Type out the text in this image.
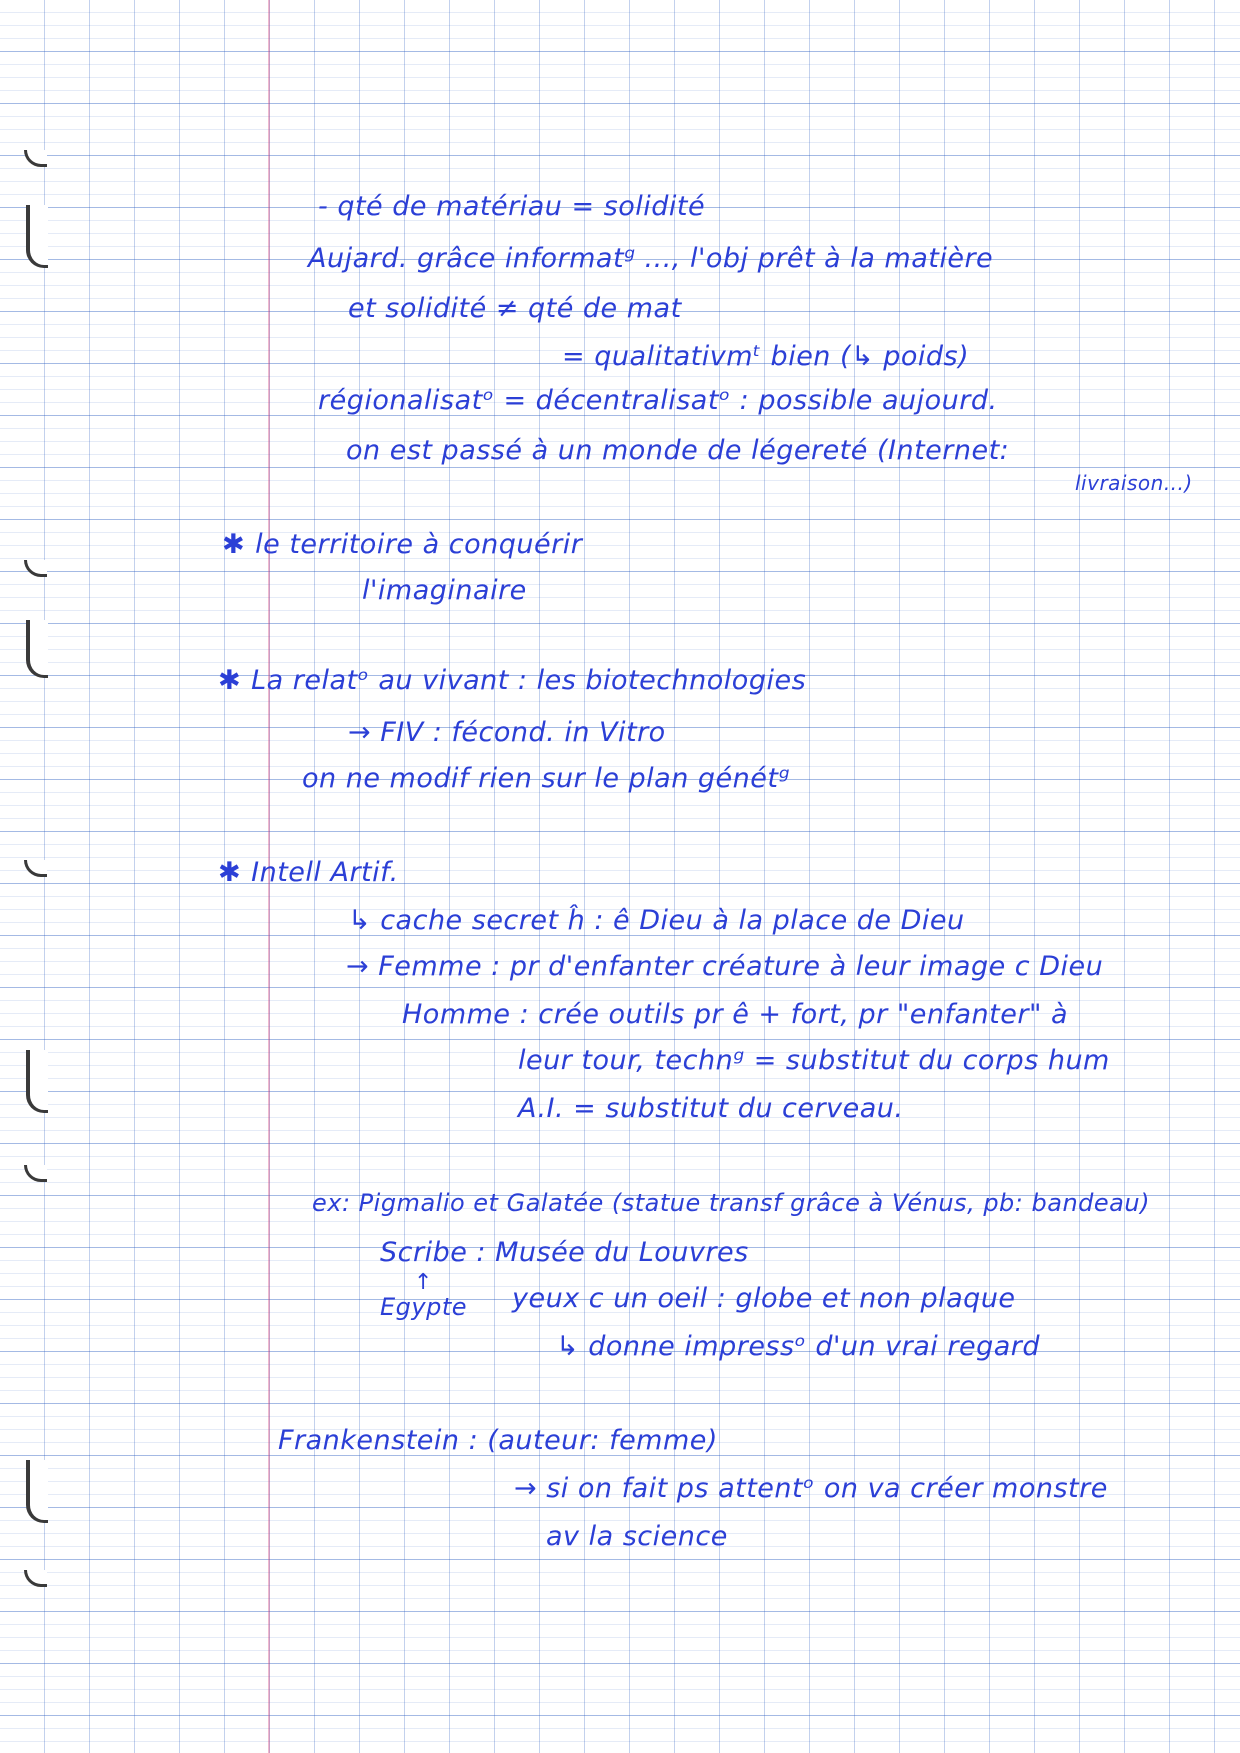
- qté de matériau = solidité

Aujard. grâce informatᵍ ..., l'obj prêt à la matière

et solidité ≠ qté de mat

= qualitativmᵗ bien (↳ poids)

régionalisatᵒ = décentralisatᵒ : possible aujourd.

on est passé à un monde de légereté (Internet:

livraison...)

✱ le territoire à conquérir

l'imaginaire

✱ La relatᵒ au vivant : les biotechnologies

→ FIV : fécond. in Vitro

on ne modif rien sur le plan génétᵍ

✱ Intell Artif.

↳ cache secret ĥ : ê Dieu à la place de Dieu

→ Femme : pr d'enfanter créature à leur image c Dieu

Homme : crée outils pr ê + fort, pr "enfanter" à

leur tour, technᵍ = substitut du corps hum

A.I. = substitut du cerveau.

ex: Pigmalio et Galatée (statue transf grâce à Vénus, pb: bandeau)

Scribe : Musée du Louvres

↑

Egypte yeux c un oeil : globe et non plaque

↳ donne impressᵒ d'un vrai regard

Frankenstein : (auteur: femme)

→ si on fait ps attentᵒ on va créer monstre

av la science
